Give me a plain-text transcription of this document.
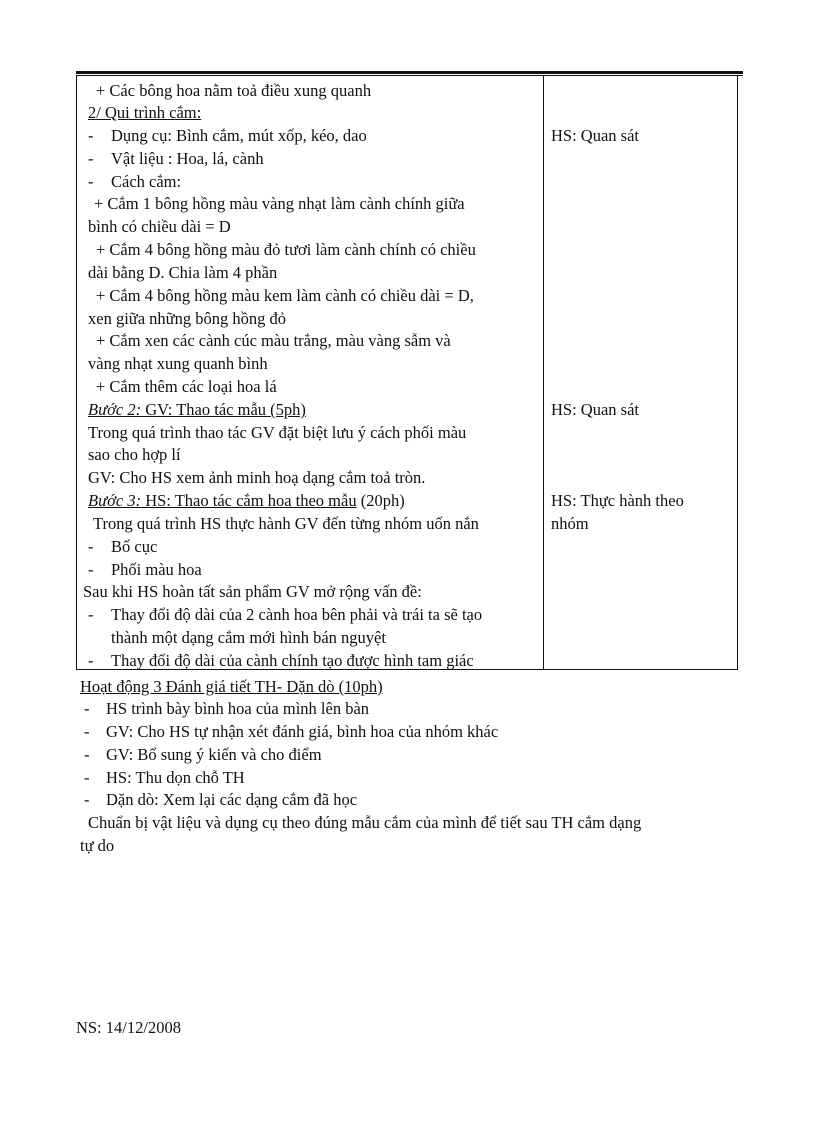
+ Các bông hoa nằm toả điều xung quanh
2/ Qui trình cắm:
- Dụng cụ: Bình cắm, mút xốp, kéo, dao
- Vật liệu : Hoa, lá, cành
- Cách cắm:
+ Cắm 1 bông hồng màu vàng nhạt làm cành chính giữa
bình có chiều dài = D
+ Cắm 4 bông hồng màu đỏ tươi làm cành chính có chiều
dài bằng D. Chia làm 4 phần
+ Cắm 4 bông hồng màu kem làm cành có chiều dài = D,
xen giữa những bông hồng đỏ
+ Cắm xen các cành cúc màu trắng, màu vàng sẫm và
vàng nhạt xung quanh bình
+ Cắm thêm các loại hoa lá
Bước 2: GV: Thao tác mẫu (5ph)
Trong quá trình thao tác GV đặt biệt lưu ý cách phối màu
sao cho hợp lí
GV: Cho HS xem ảnh minh hoạ dạng cắm toả tròn.
Bước 3: HS: Thao tác cắm hoa theo mẫu (20ph)
Trong quá trình HS thực hành GV đến từng nhóm uốn nắn
- Bố cục
- Phối màu hoa
Sau khi HS hoàn tất sản phẩm GV mở rộng vấn đề:
- Thay đổi độ dài của 2 cành hoa bên phải và trái ta sẽ tạo
thành một dạng cắm mới hình bán nguyệt
- Thay đổi độ dài của cành chính tạo được hình tam giác
HS: Quan sát
HS: Quan sát
HS: Thực hành theo
nhóm
Hoạt động 3 Đánh giá tiết TH- Dặn dò (10ph)
- HS trình bày bình hoa của mình lên bàn
- GV: Cho HS tự nhận xét đánh giá, bình hoa của nhóm khác
- GV: Bổ sung ý kiến và cho điểm
- HS: Thu dọn chỗ TH
- Dặn dò: Xem lại các dạng cắm đã học
Chuẩn bị vật liệu và dụng cụ theo đúng mẫu cắm của mình để tiết sau TH cắm dạng
tự do
NS: 14/12/2008
